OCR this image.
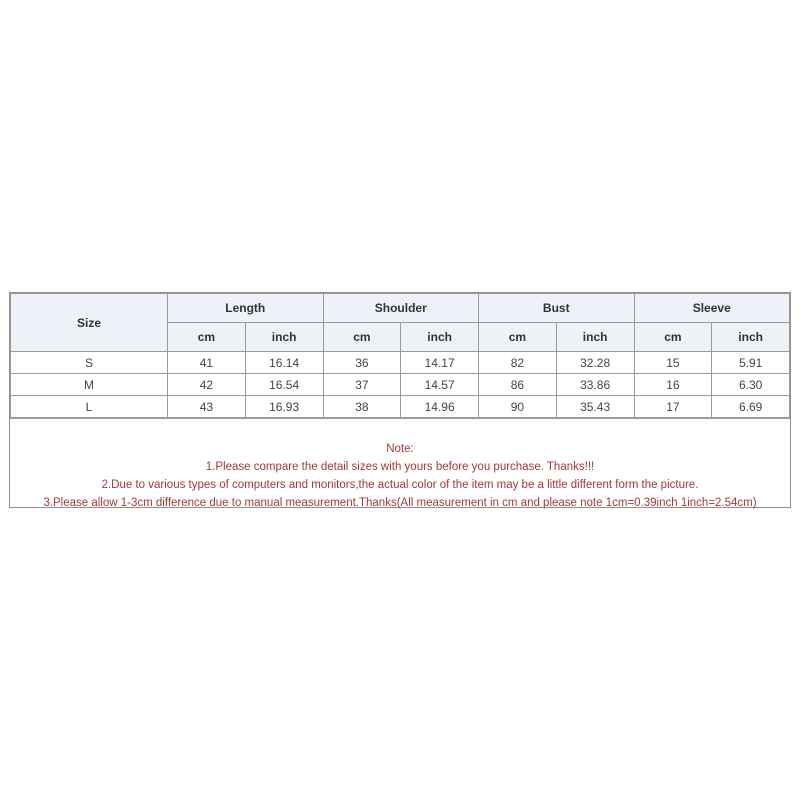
Size	Length		Shoulder		Bust		Sleeve	
	cm	inch	cm	inch	cm	inch	cm	inch
S	41	16.14	36	14.17	82	32.28	15	5.91
M	42	16.54	37	14.57	86	33.86	16	6.30
L	43	16.93	38	14.96	90	35.43	17	6.69
Note:
1.Please compare the detail sizes with yours before you purchase. Thanks!!!
2.Due to various types of computers and monitors,the actual color of the item may be a little different form the picture.
3.Please allow 1-3cm difference due to manual measurement.Thanks(All measurement in cm and please note 1cm=0.39inch 1inch=2.54cm)
